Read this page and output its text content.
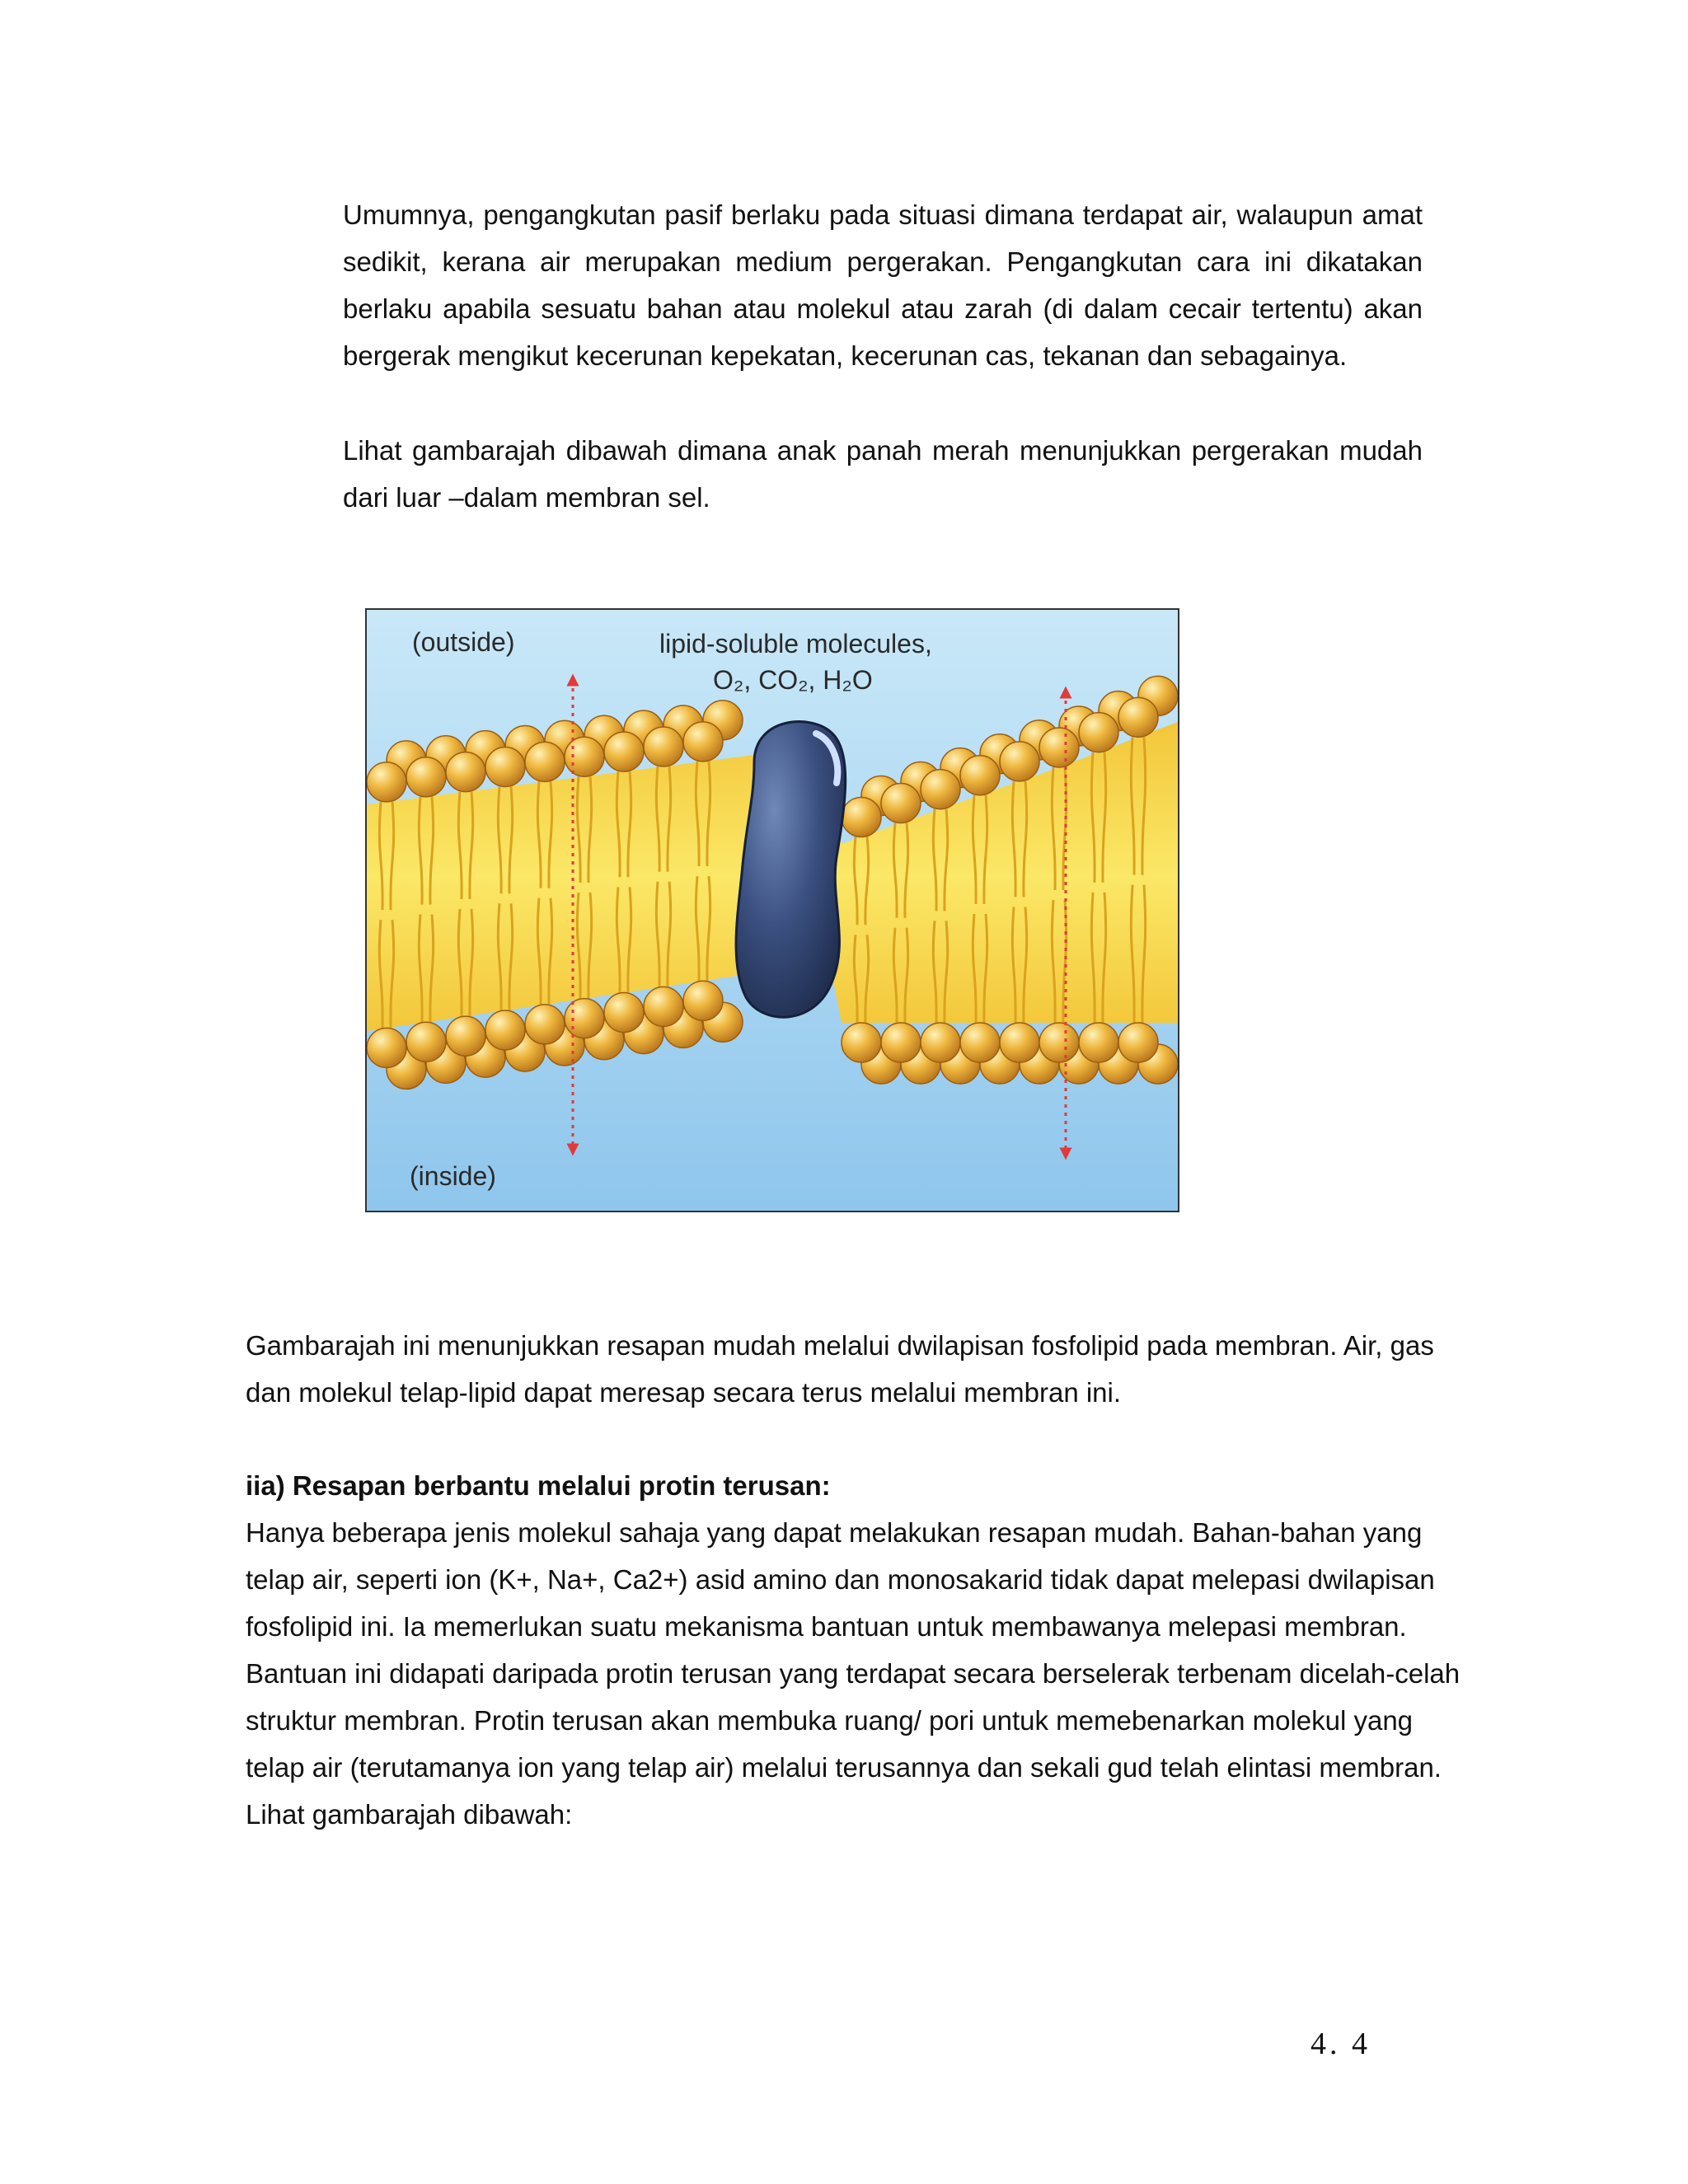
Umumnya, pengangkutan pasif berlaku pada situasi dimana terdapat air, walaupun amat sedikit, kerana air merupakan medium pergerakan. Pengangkutan cara ini dikatakan berlaku apabila sesuatu bahan atau molekul atau zarah (di dalam cecair tertentu) akan bergerak mengikut kecerunan kepekatan, kecerunan cas, tekanan dan sebagainya.

Lihat gambarajah dibawah dimana anak panah merah menunjukkan pergerakan mudah dari luar –dalam membran sel.

(outside)	lipid-soluble molecules,
O₂, CO₂, H₂O
(inside)

Gambarajah ini menunjukkan resapan mudah melalui dwilapisan fosfolipid pada membran. Air, gas dan molekul telap-lipid dapat meresap secara terus melalui membran ini.

iia) Resapan berbantu melalui protin terusan:

Hanya beberapa jenis molekul sahaja yang dapat melakukan resapan mudah. Bahan-bahan yang telap air, seperti ion (K+, Na+, Ca2+) asid amino dan monosakarid tidak dapat melepasi dwilapisan fosfolipid ini. Ia memerlukan suatu mekanisma bantuan untuk membawanya melepasi membran. Bantuan ini didapati daripada protin terusan yang terdapat secara berselerak terbenam dicelah-celah struktur membran. Protin terusan akan membuka ruang/ pori untuk memebenarkan molekul yang telap air (terutamanya ion yang telap air) melalui terusannya dan sekali gud telah elintasi membran. Lihat gambarajah dibawah:

4. 4
